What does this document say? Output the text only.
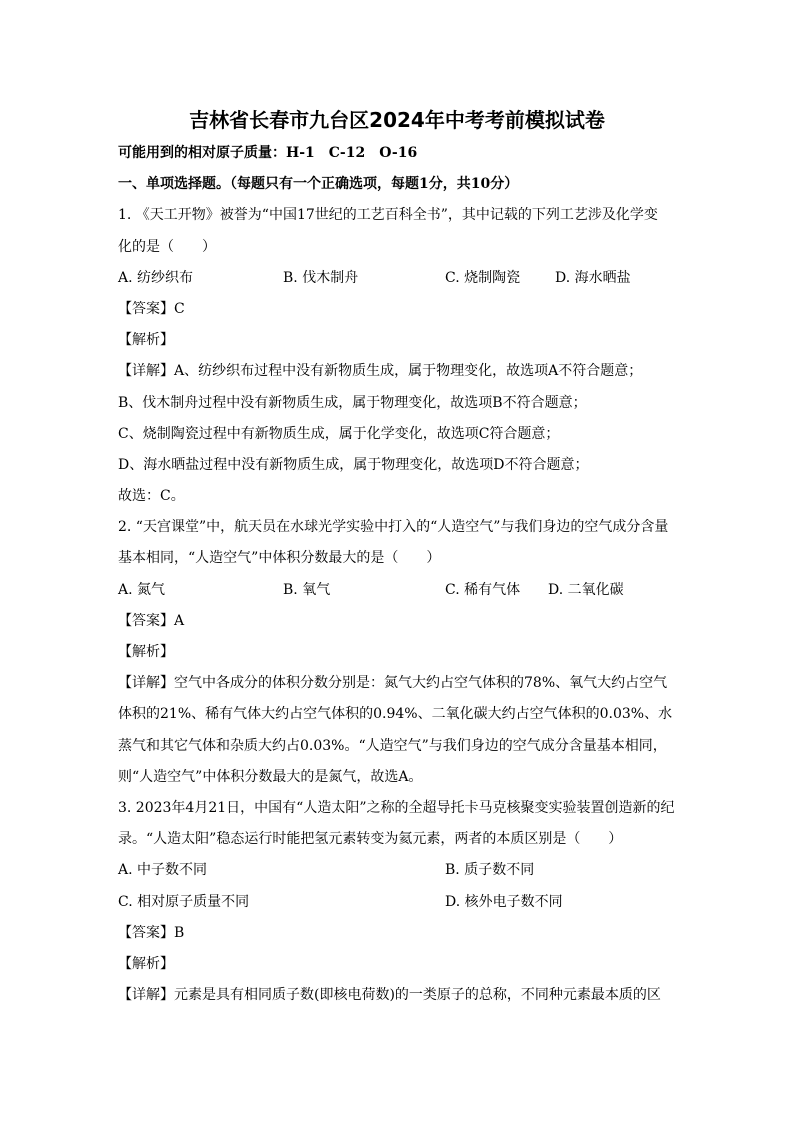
吉林省长春市九台区2024年中考考前模拟试卷
可能用到的相对原子质量：H-1　C-12　O-16
一、单项选择题。（每题只有一个正确选项，每题1分，共10分）
1. 《天工开物》被誉为“中国17世纪的工艺百科全书”，其中记载的下列工艺涉及化学变
化的是（　　）
A. 纺纱织布	B. 伐木制舟	C. 烧制陶瓷 D. 海水晒盐
【答案】C
【解析】
【详解】A、纺纱织布过程中没有新物质生成，属于物理变化，故选项A不符合题意；
B、伐木制舟过程中没有新物质生成，属于物理变化，故选项B不符合题意；
C、烧制陶瓷过程中有新物质生成，属于化学变化，故选项C符合题意；
D、海水晒盐过程中没有新物质生成，属于物理变化，故选项D不符合题意；
故选：C。
2. “天宫课堂”中，航天员在水球光学实验中打入的“人造空气”与我们身边的空气成分含量
基本相同，“人造空气”中体积分数最大的是（　　）
A. 氮气	B. 氧气	C. 稀有气体 D. 二氧化碳
【答案】A
【解析】
【详解】空气中各成分的体积分数分别是：氮气大约占空气体积的78%、氧气大约占空气
体积的21%、稀有气体大约占空气体积的0.94%、二氧化碳大约占空气体积的0.03%、水
蒸气和其它气体和杂质大约占0.03%。“人造空气”与我们身边的空气成分含量基本相同，
则“人造空气”中体积分数最大的是氮气，故选A。
3. 2023年4月21日，中国有“人造太阳”之称的全超导托卡马克核聚变实验装置创造新的纪
录。“人造太阳”稳态运行时能把氢元素转变为氦元素，两者的本质区别是（　　）
A. 中子数不同	B. 质子数不同
C. 相对原子质量不同	D. 核外电子数不同
【答案】B
【解析】
【详解】元素是具有相同质子数(即核电荷数)的一类原子的总称，不同种元素最本质的区
